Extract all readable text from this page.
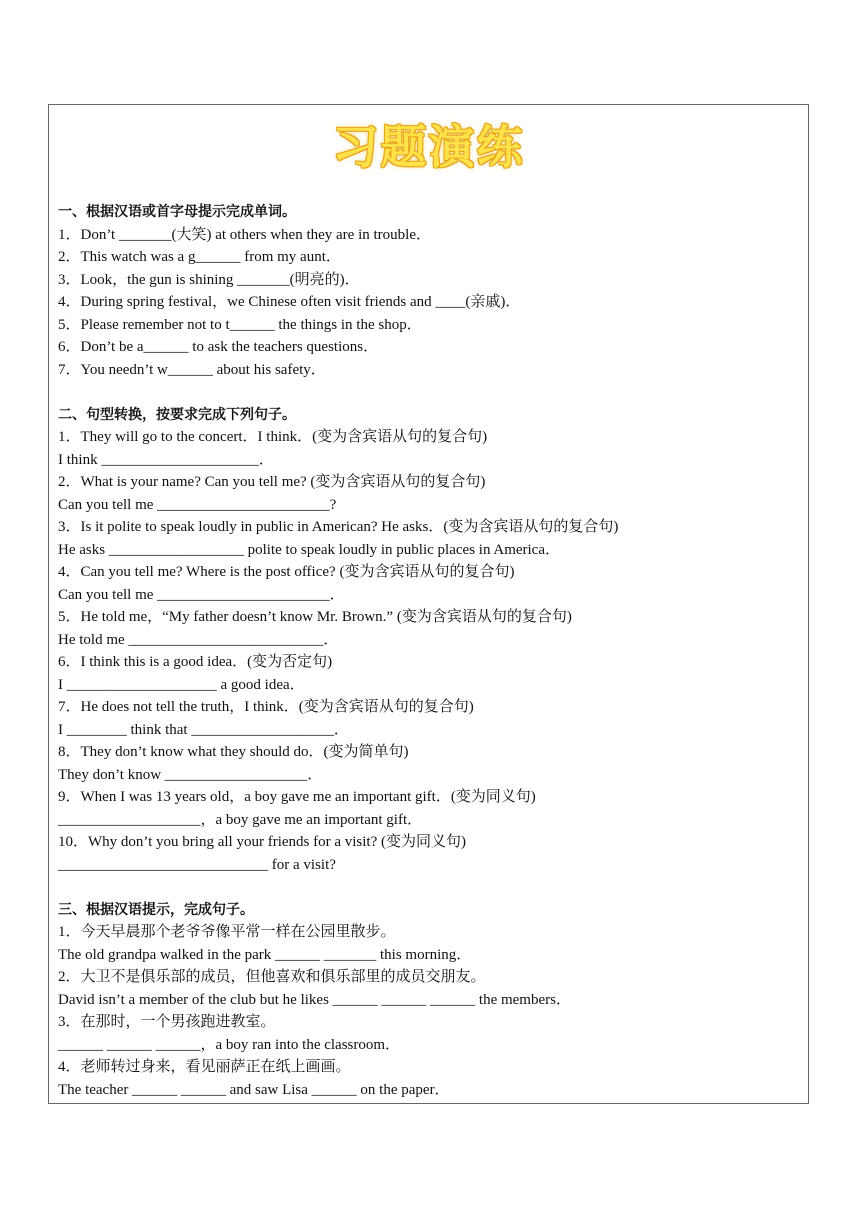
习题演练
一、根据汉语或首字母提示完成单词。
1．Don’t _______(大笑) at others when they are in trouble．
2．This watch was a g______ from my aunt．
3．Look，the gun is shining _______(明亮的)．
4．During spring festival，we Chinese often visit friends and ____(亲戚)．
5．Please remember not to t______ the things in the shop．
6．Don’t be a______ to ask the teachers questions．
7．You needn’t w______ about his safety．
二、句型转换，按要求完成下列句子。
1．They will go to the concert．I think．(变为含宾语从句的复合句)
I think _____________________．
2．What is your name? Can you tell me? (变为含宾语从句的复合句)
Can you tell me _______________________?
3．Is it polite to speak loudly in public in American? He asks．(变为含宾语从句的复合句)
He asks __________________ polite to speak loudly in public places in America．
4．Can you tell me? Where is the post office? (变为含宾语从句的复合句)
Can you tell me _______________________．
5．He told me，“My father doesn’t know Mr. Brown.” (变为含宾语从句的复合句)
He told me __________________________．
6．I think this is a good idea．(变为否定句)
I ____________________ a good idea．
7．He does not tell the truth，I think．(变为含宾语从句的复合句)
I ________ think that ___________________．
8．They don’t know what they should do．(变为简单句)
They don’t know ___________________．
9．When I was 13 years old，a boy gave me an important gift．(变为同义句)
___________________，a boy gave me an important gift．
10．Why don’t you bring all your friends for a visit? (变为同义句)
____________________________ for a visit?
三、根据汉语提示，完成句子。
1．今天早晨那个老爷爷像平常一样在公园里散步。
The old grandpa walked in the park ______ _______ this morning．
2．大卫不是俱乐部的成员，但他喜欢和俱乐部里的成员交朋友。
David isn’t a member of the club but he likes ______ ______ ______ the members．
3．在那时，一个男孩跑进教室。
______ ______ ______，a boy ran into the classroom．
4．老师转过身来，看见丽萨正在纸上画画。
The teacher ______ ______ and saw Lisa ______ on the paper．
